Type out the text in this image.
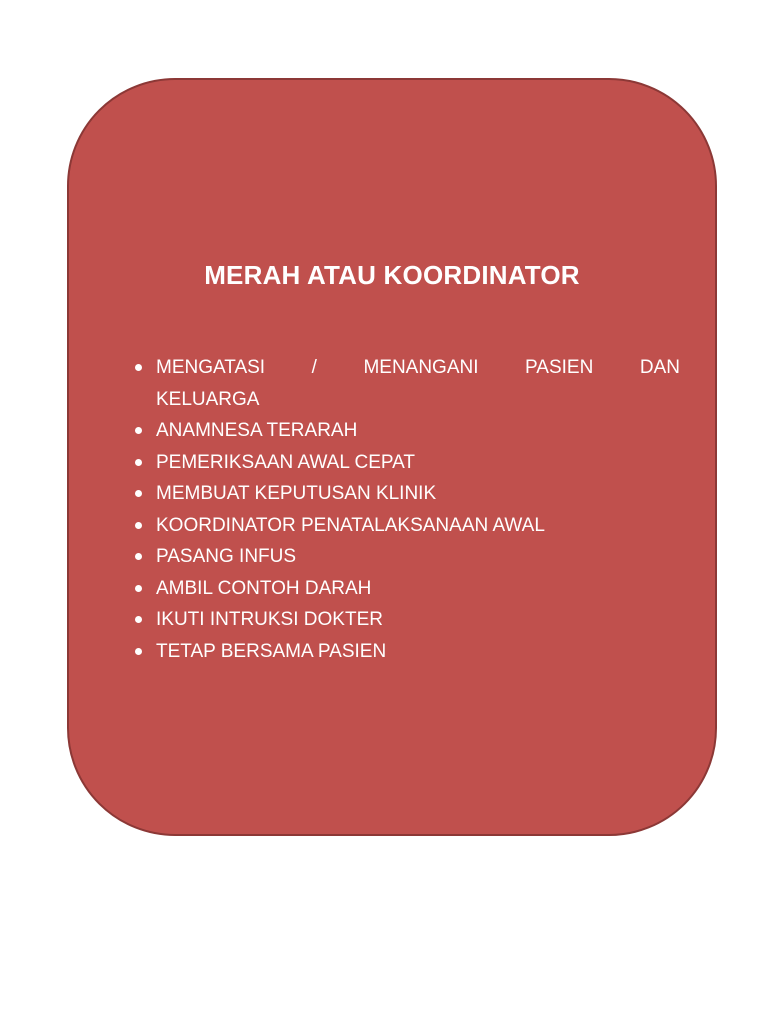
MERAH ATAU KOORDINATOR
MENGATASI / MENANGANI PASIEN DAN
KELUARGA
ANAMNESA TERARAH
PEMERIKSAAN AWAL CEPAT
MEMBUAT KEPUTUSAN KLINIK
KOORDINATOR PENATALAKSANAAN AWAL
PASANG INFUS
AMBIL CONTOH DARAH
IKUTI INTRUKSI DOKTER
TETAP BERSAMA PASIEN
